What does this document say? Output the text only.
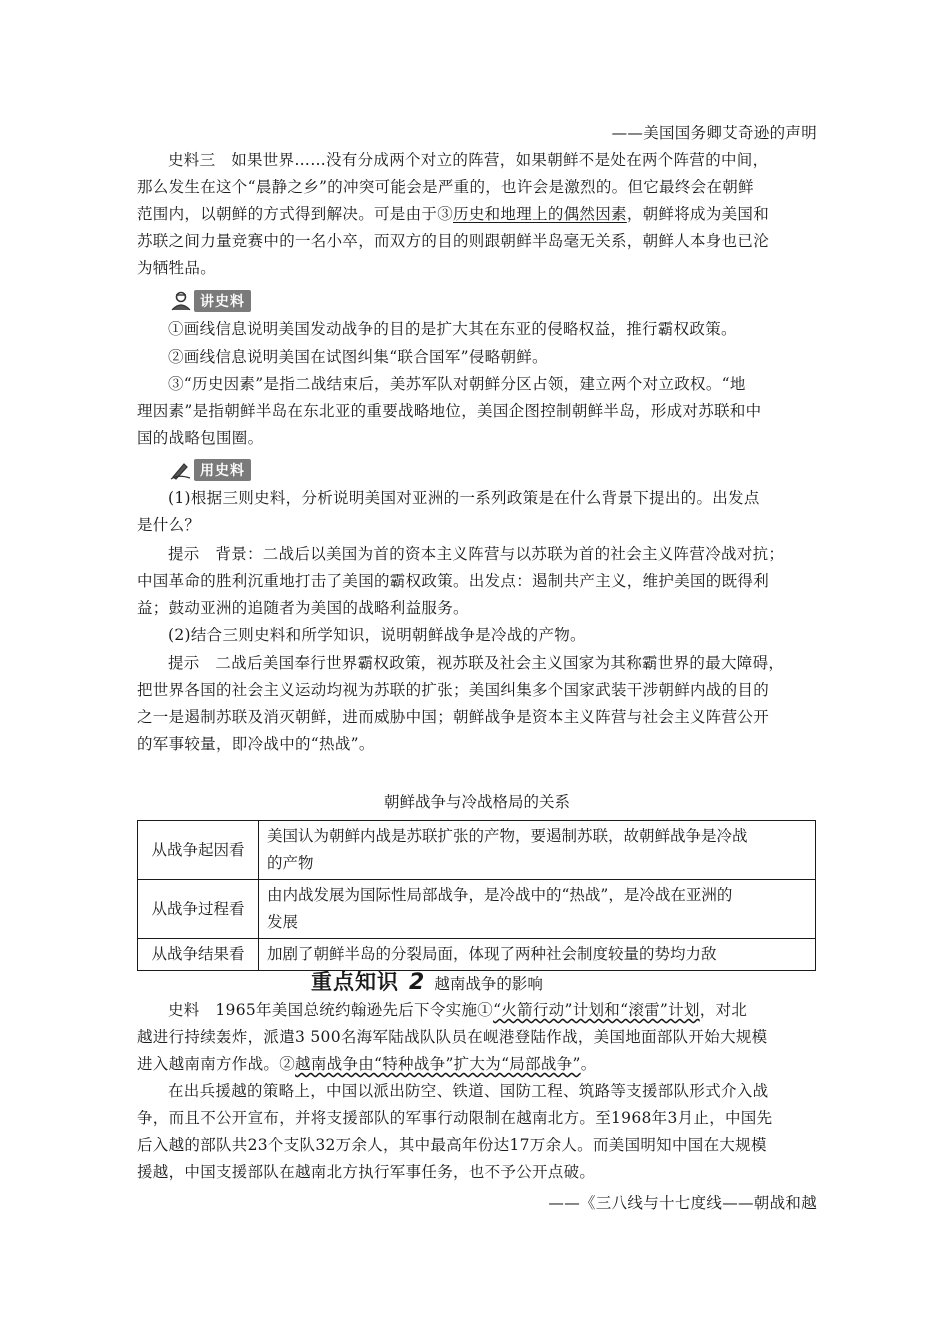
——美国国务卿艾奇逊的声明
史料三　如果世界……没有分成两个对立的阵营，如果朝鲜不是处在两个阵营的中间，
那么发生在这个“晨静之乡”的冲突可能会是严重的，也许会是激烈的。但它最终会在朝鲜
范围内，以朝鲜的方式得到解决。可是由于③历史和地理上的偶然因素，朝鲜将成为美国和
苏联之间力量竞赛中的一名小卒，而双方的目的则跟朝鲜半岛毫无关系，朝鲜人本身也已沦
为牺牲品。
讲史料
①画线信息说明美国发动战争的目的是扩大其在东亚的侵略权益，推行霸权政策。
②画线信息说明美国在试图纠集“联合国军”侵略朝鲜。
③“历史因素”是指二战结束后，美苏军队对朝鲜分区占领，建立两个对立政权。“地
理因素”是指朝鲜半岛在东北亚的重要战略地位，美国企图控制朝鲜半岛，形成对苏联和中
国的战略包围圈。
用史料
(1)根据三则史料，分析说明美国对亚洲的一系列政策是在什么背景下提出的。出发点
是什么？
提示　背景：二战后以美国为首的资本主义阵营与以苏联为首的社会主义阵营冷战对抗；
中国革命的胜利沉重地打击了美国的霸权政策。出发点：遏制共产主义，维护美国的既得利
益；鼓动亚洲的追随者为美国的战略利益服务。
(2)结合三则史料和所学知识，说明朝鲜战争是冷战的产物。
提示　二战后美国奉行世界霸权政策，视苏联及社会主义国家为其称霸世界的最大障碍，
把世界各国的社会主义运动均视为苏联的扩张；美国纠集多个国家武装干涉朝鲜内战的目的
之一是遏制苏联及消灭朝鲜，进而威胁中国；朝鲜战争是资本主义阵营与社会主义阵营公开
的军事较量，即冷战中的“热战”。
朝鲜战争与冷战格局的关系
从战争起因看	美国认为朝鲜内战是苏联扩张的产物，要遏制苏联，故朝鲜战争是冷战
的产物

从战争过程看	由内战发展为国际性局部战争，是冷战中的“热战”，是冷战在亚洲的
发展

从战争结果看	加剧了朝鲜半岛的分裂局面，体现了两种社会制度较量的势均力敌
重点知识 2 越南战争的影响
史料　1965年美国总统约翰逊先后下令实施①“火箭行动”计划和“滚雷”计划，对北
越进行持续轰炸，派遣3 500名海军陆战队队员在岘港登陆作战，美国地面部队开始大规模
进入越南南方作战。②越南战争由“特种战争”扩大为“局部战争”。
在出兵援越的策略上，中国以派出防空、铁道、国防工程、筑路等支援部队形式介入战
争，而且不公开宣布，并将支援部队的军事行动限制在越南北方。至1968年3月止，中国先
后入越的部队共23个支队32万余人，其中最高年份达17万余人。而美国明知中国在大规模
援越，中国支援部队在越南北方执行军事任务，也不予公开点破。
——《三八线与十七度线——朝战和越
